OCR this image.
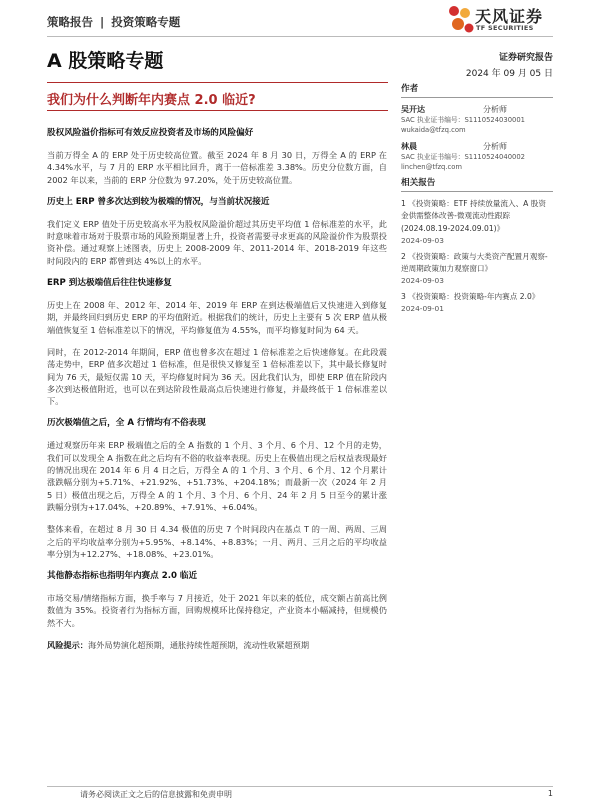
策略报告 | 投资策略专题	天风证券
TF SECURITIES
A 股策略专题	证券研究报告
2024 年 09 月 05 日
我们为什么判断年内赛点 2.0 临近?
股权风险溢价指标可有效反应投资者及市场的风险偏好
当前万得全 A 的 ERP 处于历史较高位置。截至 2024 年 8 月 30 日，万得全 A 的 ERP 在 4.34%水平，与 7 月的 ERP 水平相比回升，离于一倍标准差 3.38%。历史分位数方面，自 2002 年以来，当前的 ERP 分位数为 97.20%，处于历史较高位置。
历史上 ERP 曾多次达到较为极端的情况，与当前状况接近
我们定义 ERP 值处于历史较高水平为股权风险溢价超过其历史平均值 1 倍标准差的水平，此时意味着市场对于股票市场的风险预期显著上升，投资者需要寻求更高的风险溢价作为股票投资补偿。通过观察上述图表，历史上 2008-2009 年、2011-2014 年、2018-2019 年这些时间段内的 ERP 都曾到达 4%以上的水平。
ERP 到达极端值后往往快速修复
历史上在 2008 年、2012 年、2014 年、2019 年 ERP 在到达极端值后又快速进入到修复期，并最终回归到历史 ERP 的平均值附近。根据我们的统计，历史上主要有 5 次 ERP 值从极端值恢复至 1 倍标准差以下的情况，平均修复值为 4.55%，而平均修复时间为 64 天。
同时，在 2012-2014 年期间，ERP 值也曾多次在超过 1 倍标准差之后快速修复。在此段震荡走势中，ERP 值多次超过 1 倍标准，但是很快又修复至 1 倍标准差以下，其中最长修复时间为 76 天，最短仅需 10 天，平均修复时间为 36 天。因此我们认为，即使 ERP 值在阶段内多次到达极值附近，也可以在到达阶段性最高点后快速进行修复，并最终低于 1 倍标准差以下。
历次极端值之后，全 A 行情均有不俗表现
通过观察历年来 ERP 极端值之后的全 A 指数的 1 个月、3 个月、6 个月、12 个月的走势，我们可以发现全 A 指数在此之后均有不俗的收益率表现。历史上在极值出现之后权益表现最好的情况出现在 2014 年 6 月 4 日之后，万得全 A 的 1 个月、3 个月、6 个月、12 个月累计涨跌幅分别为+5.71%、+21.92%、+51.73%、+204.18%；而最新一次（2024 年 2 月 5 日）极值出现之后，万得全 A 的 1 个月、3 个月、6 个月、24 年 2 月 5 日至今的累计涨跌幅分别为+17.04%、+20.89%、+7.91%、+6.04%。
整体来看，在超过 8 月 30 日 4.34 极值的历史 7 个时间段内在基点 T 的一周、两周、三周之后的平均收益率分别为+5.95%、+8.14%、+8.83%；一月、两月、三月之后的平均收益率分别为+12.27%、+18.08%、+23.01%。
其他静态指标也指明年内赛点 2.0 临近
市场交易/情绪指标方面，换手率与 7 月接近，处于 2021 年以来的低位，成交额占前高比例数值为 35%。投资者行为指标方面，回购规模环比保持稳定，产业资本小幅减持，但规模仍然不大。
风险提示：海外局势演化超预期，通胀持续性超预期，流动性收紧超预期
作者
吴开达	分析师
SAC 执业证书编号：S1110524030001
wukaida@tfzq.com
林晨	分析师
SAC 执业证书编号：S1110524040002
linchen@tfzq.com
相关报告
1 《投资策略：ETF 持续放量流入、A 股资金供需整体改善-微观流动性跟踪(2024.08.19-2024.09.01)》
2024-09-03
2 《投资策略：政策与大类资产配置月观察-逆周期政策加力观察窗口》
2024-09-03
3 《投资策略：投资策略-年内赛点 2.0》
2024-09-01
请务必阅读正文之后的信息披露和免责申明	1
